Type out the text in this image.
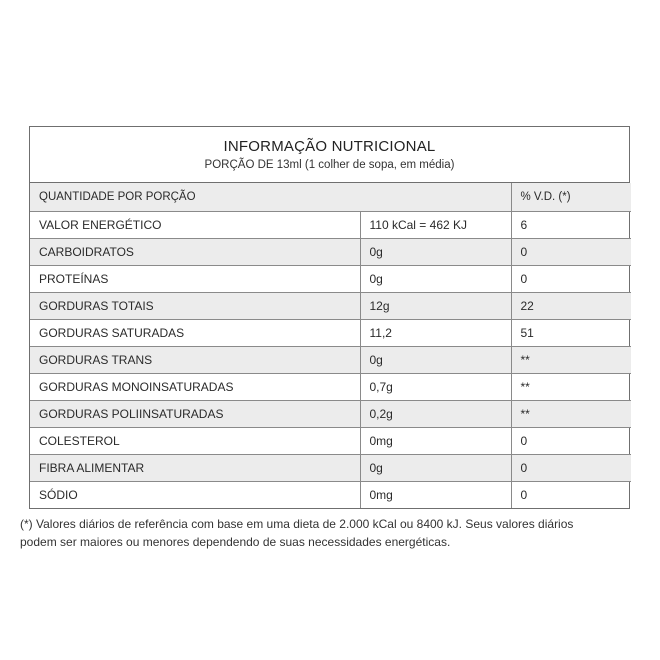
INFORMAÇÃO NUTRICIONAL
PORÇÃO DE 13ml (1 colher de sopa, em média)
QUANTIDADE POR PORÇÃO		% V.D. (*)
VALOR ENERGÉTICO	110 kCal = 462 KJ	6
CARBOIDRATOS	0g	0
PROTEÍNAS	0g	0
GORDURAS TOTAIS	12g	22
GORDURAS SATURADAS	11,2	51
GORDURAS TRANS	0g	**
GORDURAS MONOINSATURADAS	0,7g	**
GORDURAS POLIINSATURADAS	0,2g	**
COLESTEROL	0mg	0
FIBRA ALIMENTAR	0g	0
SÓDIO	0mg	0
(*) Valores diários de referência com base em uma dieta de 2.000 kCal ou 8400 kJ. Seus valores diários
podem ser maiores ou menores dependendo de suas necessidades energéticas.
